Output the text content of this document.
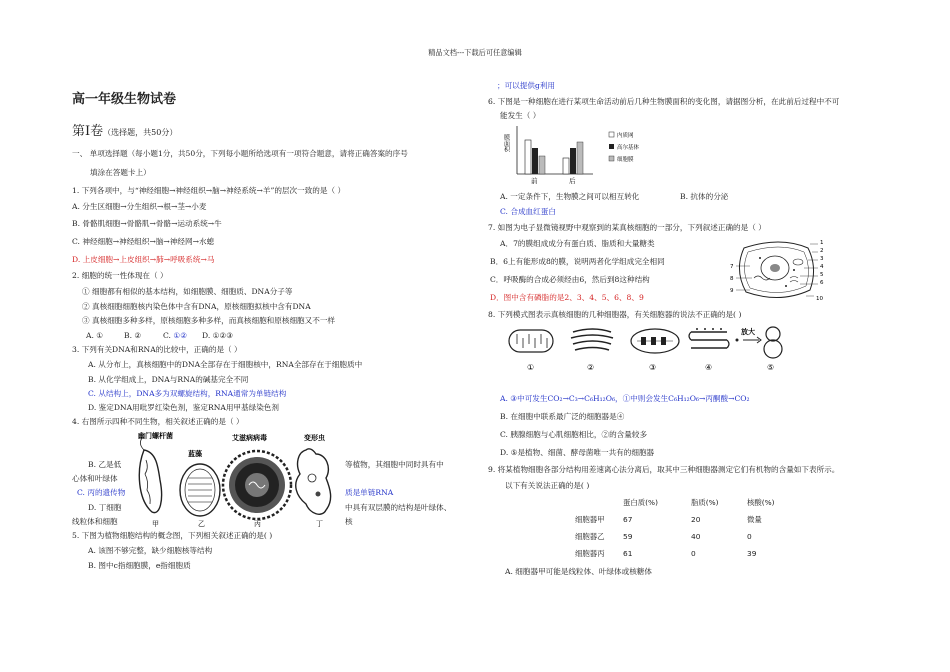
精品文档---下载后可任意编辑
高一年级生物试卷
第Ⅰ卷（选择题，共50分）
一、 单项选择题（每小题1分，共50分，下列每小题所给选项有一项符合题意，请将正确答案的序号
填涂在答题卡上）
1. 下列各项中，与“神经细胞→神经组织→脑→神经系统→羊”的层次一致的是（ ）
A. 分生区细胞→分生组织→根→茎→小麦
B. 骨骼肌细胞→骨骼肌→骨骼→运动系统→牛
C. 神经细胞→神经组织→脑→神经网→水螅
D. 上皮细胞→上皮组织→肺→呼吸系统→马
2. 细胞的统一性体现在（ ）
① 细胞都有相似的基本结构，如细胞膜、细胞质、DNA分子等
② 真核细胞细胞核内染色体中含有DNA，原核细胞拟核中含有DNA
③ 真核细胞多种多样，原核细胞多种多样，而真核细胞和原核细胞又不一样
A. ①	B. ②	C. ①② D. ①②③
3. 下列有关DNA和RNA的比较中，正确的是（ ）
A. 从分布上，真核细胞中的DNA全部存在于细胞核中，RNA全部存在于细胞质中
B. 从化学组成上，DNA与RNA的碱基完全不同
C. 从结构上，DNA多为双螺旋结构，RNA通常为单链结构
D. 鉴定DNA用吡罗红染色剂，鉴定RNA用甲基绿染色剂
4. 右图所示四种不同生物，相关叙述正确的是（ ）
幽门螺杆菌
蓝藻
艾滋病病毒	变形虫
甲	乙	丙	丁
B. 乙是低
心体和叶绿体
等植物，其细胞中同时具有中
C. 丙的遗传物	质是单链RNA
D. 丁细胞
线粒体和细胞
中具有双层膜的结构是叶绿体、
核
5. 下图为植物细胞结构的概念图，下列相关叙述正确的是( )
A. 该图不够完整，缺少细胞核等结构
B. 图中c指细胞膜，e指细胞质
；可以提供g利用
6. 下图是一种细胞在进行某项生命活动前后几种生物膜面积的变化图，请据图分析，在此前后过程中不可
能发生（ ）
膜面积
前	后
内质网
高尔基体
细胞膜
A. 一定条件下，生物膜之间可以相互转化	B. 抗体的分泌
C. 合成血红蛋白
7. 如图为电子显微镜视野中观察到的某真核细胞的一部分，下列叙述正确的是（ ）
A．7的膜组成成分有蛋白质、脂质和大量糖类
B．6上有能形成8的膜，说明两者化学组成完全相同
C．呼吸酶的合成必须经由6，然后到8这种结构
D．图中含有磷脂的是2、3、4、5、6、8、9
1
2
3
4
5
6
7
8
9
10
8. 下列模式图表示真核细胞的几种细胞器，有关细胞器的说法不正确的是( )
放大
①	②	③	④	⑤
A. ③中可发生CO₂→C₃→C₆H₁₂O₆，①中则会发生C₆H₁₂O₆→丙酮酸→CO₂
B. 在细胞中联系最广泛的细胞器是④
C. 胰腺细胞与心肌细胞相比，②的含量较多
D. ⑤是植物、细菌、酵母菌唯一共有的细胞器
9. 将某植物细胞各部分结构用差速离心法分离后，取其中三种细胞器测定它们有机物的含量如下表所示。
以下有关说法正确的是( )
	蛋白质(%)	脂质(%)	核酸(%)
细胞器甲	67	20	微量
细胞器乙	59	40	0
细胞器丙	61	0	39
A. 细胞器甲可能是线粒体、叶绿体或核糖体
